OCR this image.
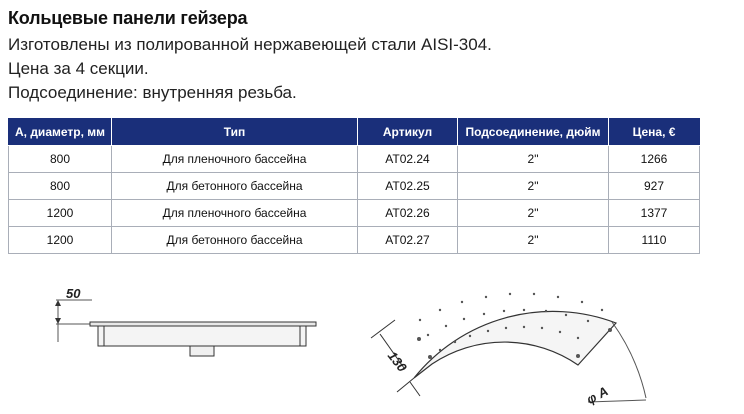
Кольцевые панели гейзера
Изготовлены из полированной нержавеющей стали AISI-304.
Цена за 4 секции.
Подсоединение: внутренняя резьба.
A, диаметр, мм	Тип	Артикул	Подсоединение, дюйм	Цена, €
800	Для пленочного бассейна	AT02.24	2"	1266
800	Для бетонного бассейна	AT02.25	2"	927
1200	Для пленочного бассейна	AT02.26	2"	1377
1200	Для бетонного бассейна	AT02.27	2"	1110
50
130
φ A
